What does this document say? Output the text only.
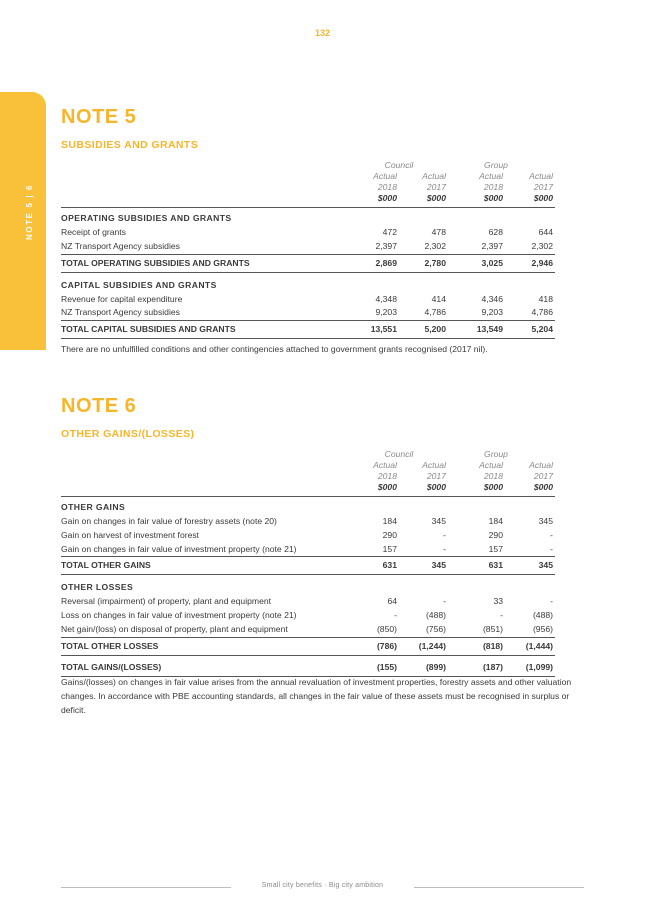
132
NOTE 5 | 6
NOTE 5
SUBSIDIES AND GRANTS
Council	Group
Actual	Actual	Actual	Actual
2018	2017	2018	2017
$000	$000	$000	$000
OPERATING SUBSIDIES AND GRANTS
Receipt of grants	472	478	628	644
NZ Transport Agency subsidies	2,397	2,302	2,397	2,302
TOTAL OPERATING SUBSIDIES AND GRANTS	2,869	2,780	3,025	2,946
CAPITAL SUBSIDIES AND GRANTS
Revenue for capital expenditure	4,348	414	4,346	418
NZ Transport Agency subsidies	9,203	4,786	9,203	4,786
TOTAL CAPITAL SUBSIDIES AND GRANTS	13,551	5,200	13,549	5,204
There are no unfulfilled conditions and other contingencies attached to government grants recognised (2017 nil).
NOTE 6
OTHER GAINS/(LOSSES)
Council	Group
Actual	Actual	Actual	Actual
2018	2017	2018	2017
$000	$000	$000	$000
OTHER GAINS
Gain on changes in fair value of forestry assets (note 20)	184	345	184	345
Gain on harvest of investment forest	290	-	290	-
Gain on changes in fair value of investment property (note 21)	157	-	157	-
TOTAL OTHER GAINS	631	345	631	345
OTHER LOSSES
Reversal (impairment) of property, plant and equipment	64	-	33	-
Loss on changes in fair value of investment property (note 21)	-	(488)	-	(488)
Net gain/(loss) on disposal of property, plant and equipment	(850)	(756)	(851)	(956)
TOTAL OTHER LOSSES	(786)	(1,244)	(818)	(1,444)
TOTAL GAINS/(LOSSES)	(155)	(899)	(187)	(1,099)
Gains/(losses) on changes in fair value arises from the annual revaluation of investment properties, forestry assets and other valuation changes. In accordance with PBE accounting standards, all changes in the fair value of these assets must be recognised in surplus or deficit.
Small city benefits · Big city ambition
